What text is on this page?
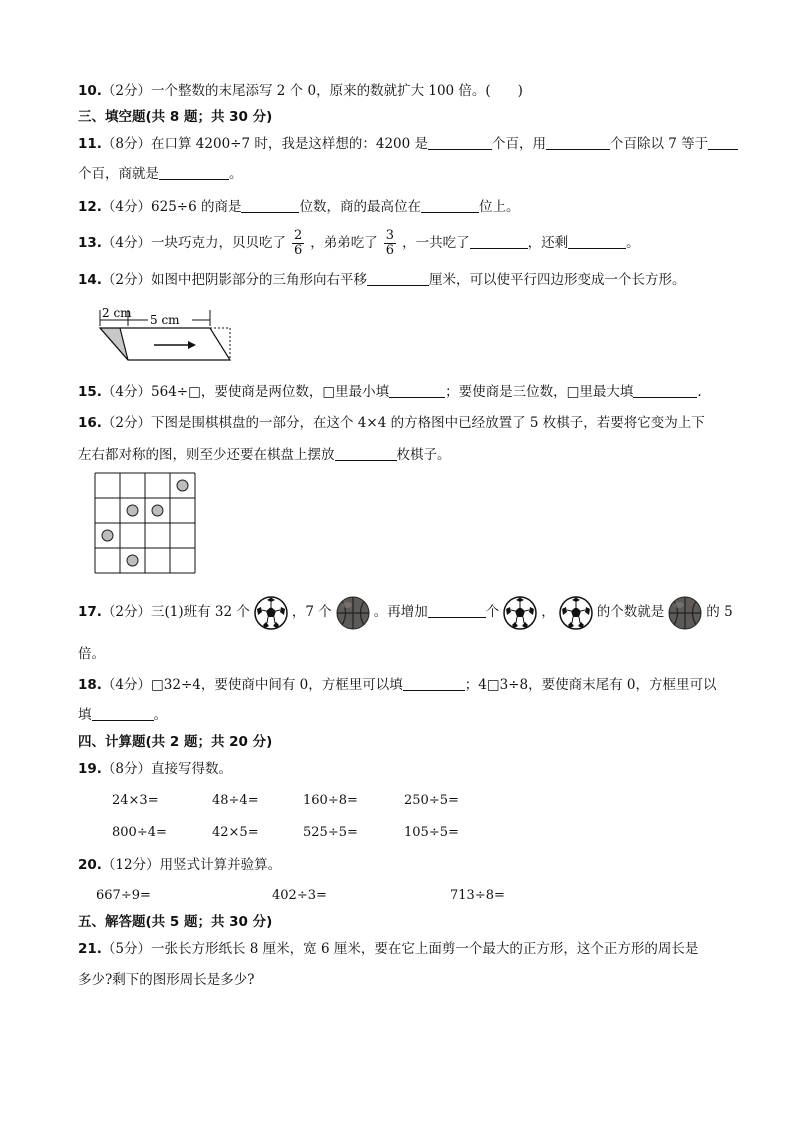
10.（2分）一个整数的末尾添写 2 个 0，原来的数就扩大 100 倍。(　　)
三、填空题(共 8 题；共 30 分)
11.（8分）在口算 4200÷7 时，我是这样想的：4200 是	个百，用	个百除以 7 等于
个百，商就是	。
12.（4分）625÷6 的商是	位数，商的最高位在	位上。
13.（4分）一块巧克力，贝贝吃了 $\frac{2}{6}$ ，弟弟吃了 $\frac{3}{6}$ ，一共吃了	，还剩	。
14.（2分）如图中把阴影部分的三角形向右平移	厘米，可以使平行四边形变成一个长方形。
2 cm 5 cm
15.（4分）564÷□，要使商是两位数，□里最小填	；要使商是三位数，□里最大填	.
16.（2分）下图是围棋棋盘的一部分，在这个 4×4 的方格图中已经放置了 5 枚棋子，若要将它变为上下
左右都对称的图，则至少还要在棋盘上摆放	枚棋子。
17.（2分）三(1)班有 32 个	，7 个	。再增加	个	，	的个数就是	的 5
倍。
18.（4分）□32÷4，要使商中间有 0，方框里可以填	；4□3÷8，要使商末尾有 0，方框里可以
填	。
四、计算题(共 2 题；共 20 分)
19.（8分）直接写得数。
24×3=	48÷4=	160÷8=	250÷5=
800÷4=	42×5=	525÷5=	105÷5=
20.（12分）用竖式计算并验算。
667÷9=	402÷3=	713÷8=
五、解答题(共 5 题；共 30 分)
21.（5分）一张长方形纸长 8 厘米，宽 6 厘米，要在它上面剪一个最大的正方形，这个正方形的周长是
多少?剩下的图形周长是多少?
